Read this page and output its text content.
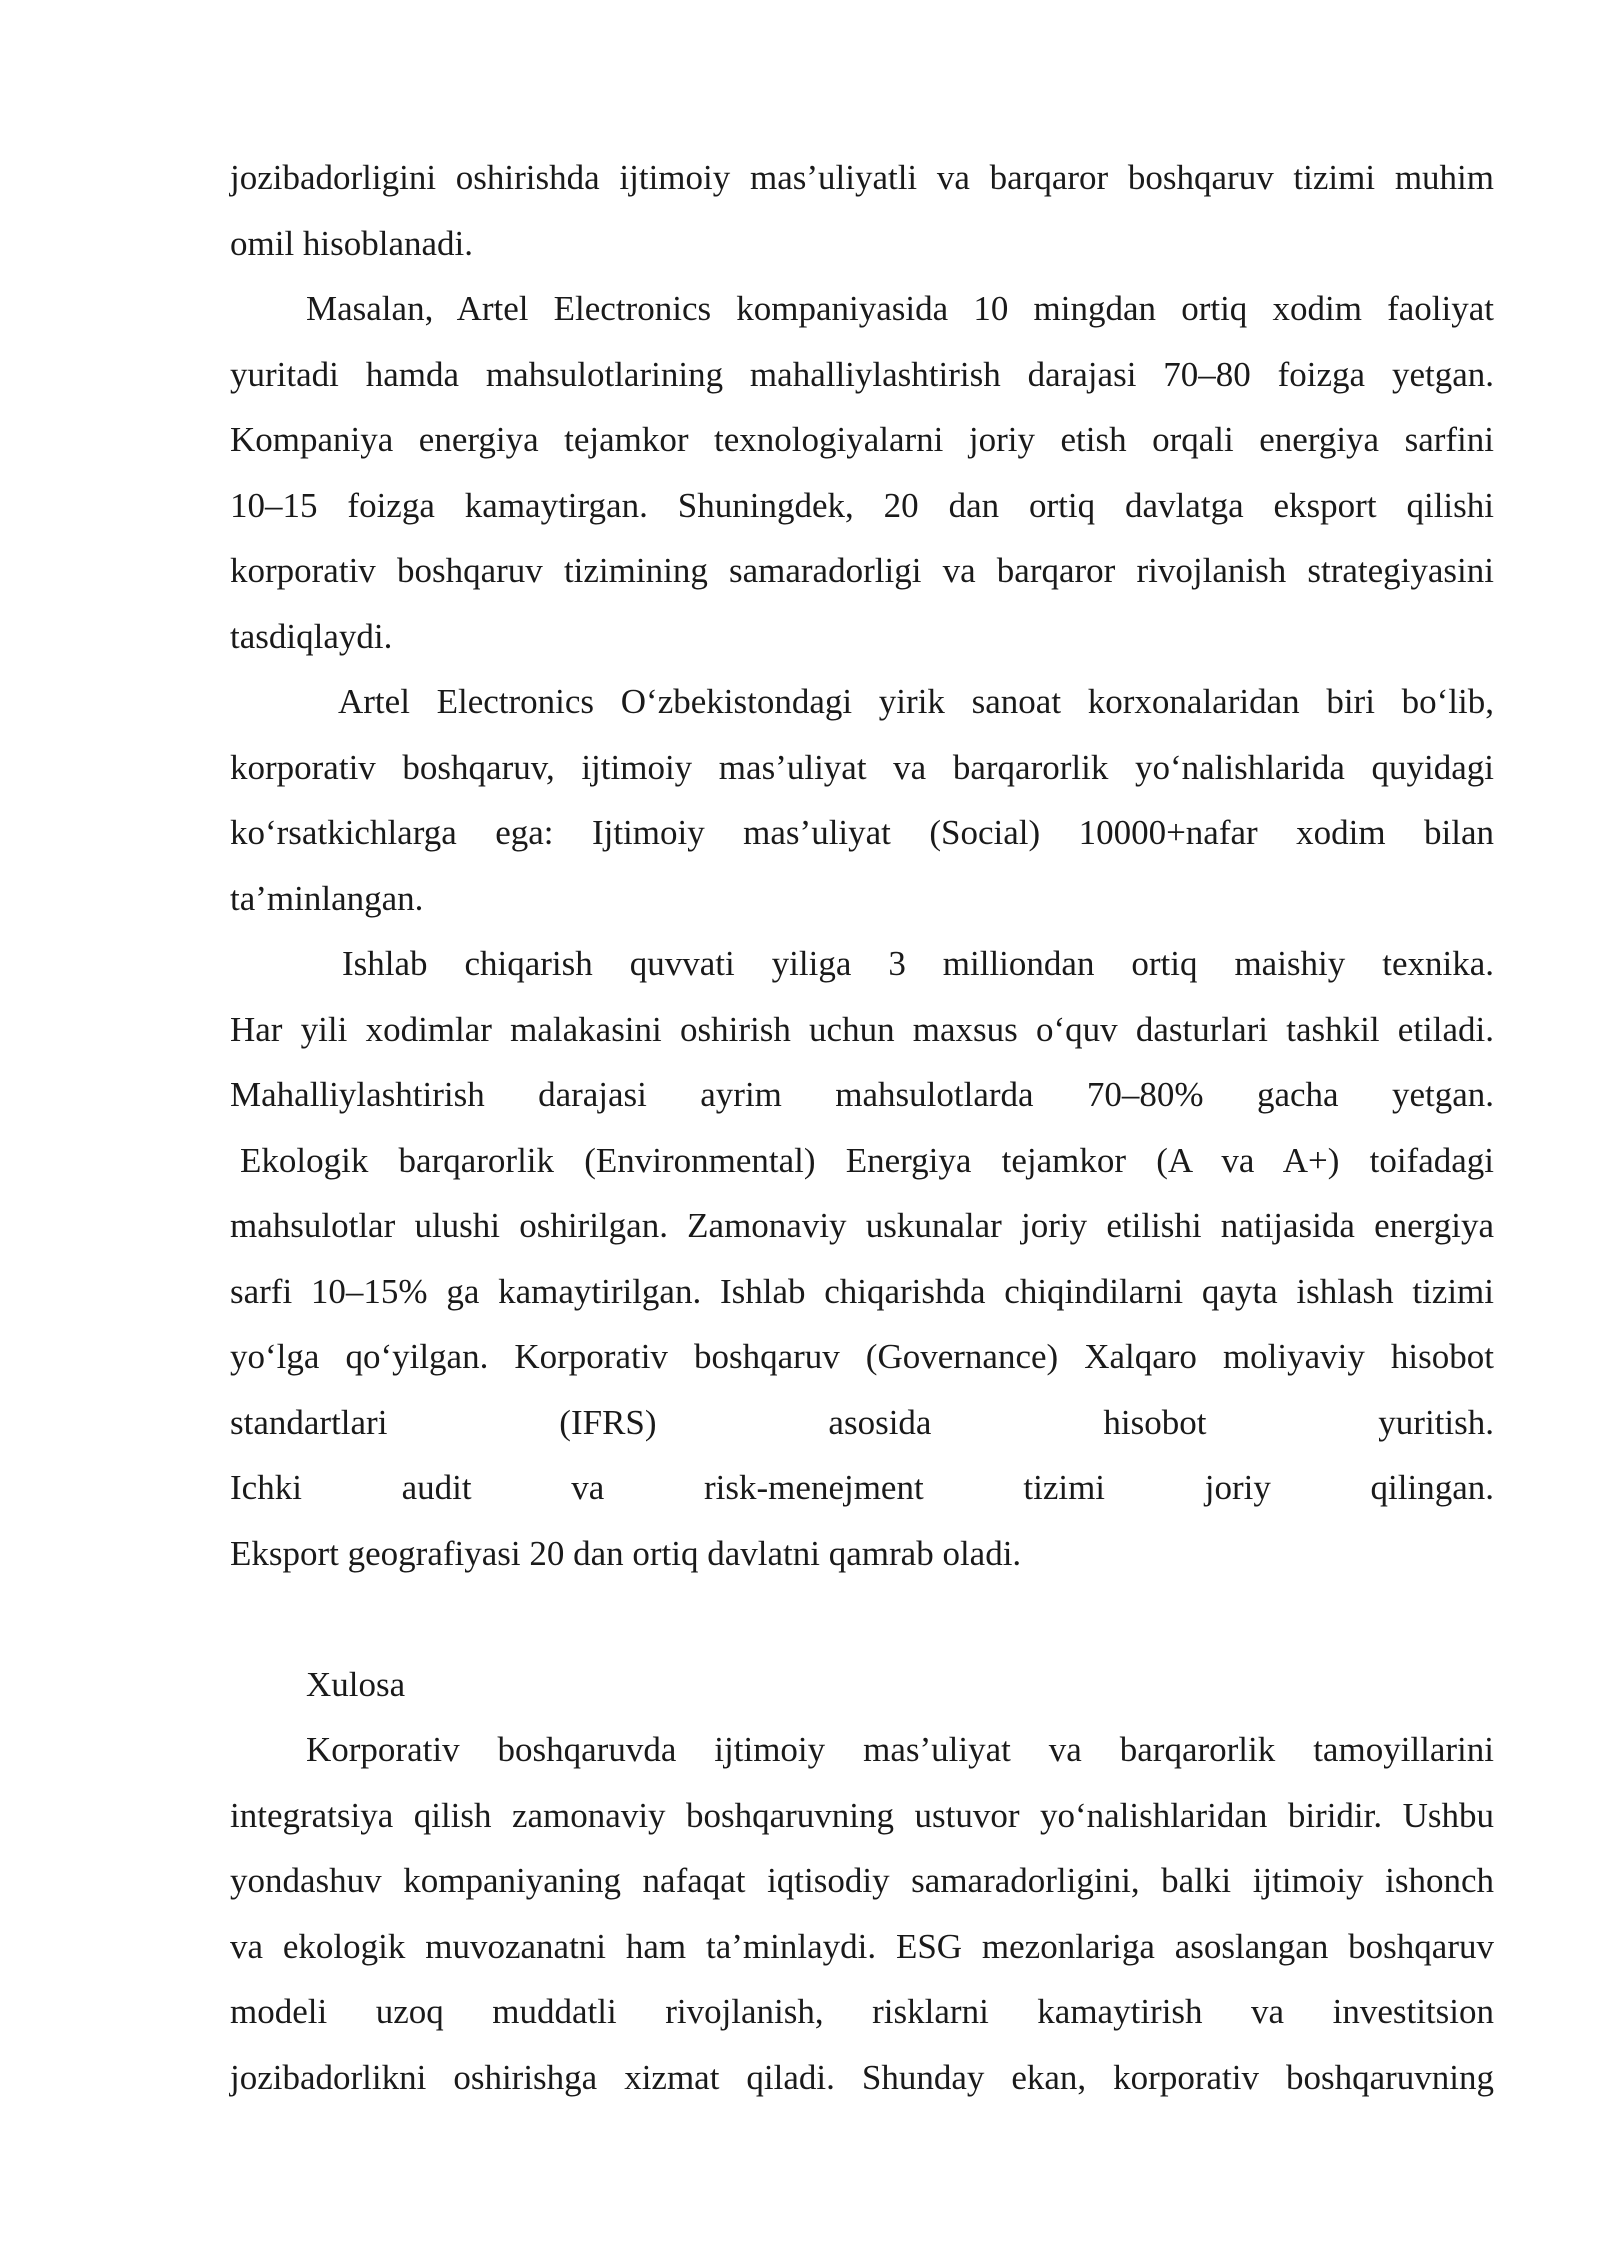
jozibadorligini oshirishda ijtimoiy mas’uliyatli va barqaror boshqaruv tizimi muhim
omil hisoblanadi.
Masalan, Artel Electronics kompaniyasida 10 mingdan ortiq xodim faoliyat
yuritadi hamda mahsulotlarining mahalliylashtirish darajasi 70–80 foizga yetgan.
Kompaniya energiya tejamkor texnologiyalarni joriy etish orqali energiya sarfini
10–15 foizga kamaytirgan. Shuningdek, 20 dan ortiq davlatga eksport qilishi
korporativ boshqaruv tizimining samaradorligi va barqaror rivojlanish strategiyasini
tasdiqlaydi.
Artel Electronics O‘zbekistondagi yirik sanoat korxonalaridan biri bo‘lib,
korporativ boshqaruv, ijtimoiy mas’uliyat va barqarorlik yo‘nalishlarida quyidagi
ko‘rsatkichlarga ega: Ijtimoiy mas’uliyat (Social) 10000+nafar xodim bilan
ta’minlangan.
Ishlab chiqarish quvvati yiliga 3 milliondan ortiq maishiy texnika.
Har yili xodimlar malakasini oshirish uchun maxsus o‘quv dasturlari tashkil etiladi.
Mahalliylashtirish darajasi ayrim mahsulotlarda 70–80% gacha yetgan.
Ekologik barqarorlik (Environmental) Energiya tejamkor (A va A+) toifadagi
mahsulotlar ulushi oshirilgan. Zamonaviy uskunalar joriy etilishi natijasida energiya
sarfi 10–15% ga kamaytirilgan. Ishlab chiqarishda chiqindilarni qayta ishlash tizimi
yo‘lga qo‘yilgan. Korporativ boshqaruv (Governance) Xalqaro moliyaviy hisobot
standartlari (IFRS) asosida hisobot yuritish.
Ichki audit va risk-menejment tizimi joriy qilingan.
Eksport geografiyasi 20 dan ortiq davlatni qamrab oladi.
Xulosa
Korporativ boshqaruvda ijtimoiy mas’uliyat va barqarorlik tamoyillarini
integratsiya qilish zamonaviy boshqaruvning ustuvor yo‘nalishlaridan biridir. Ushbu
yondashuv kompaniyaning nafaqat iqtisodiy samaradorligini, balki ijtimoiy ishonch
va ekologik muvozanatni ham ta’minlaydi. ESG mezonlariga asoslangan boshqaruv
modeli uzoq muddatli rivojlanish, risklarni kamaytirish va investitsion
jozibadorlikni oshirishga xizmat qiladi. Shunday ekan, korporativ boshqaruvning
